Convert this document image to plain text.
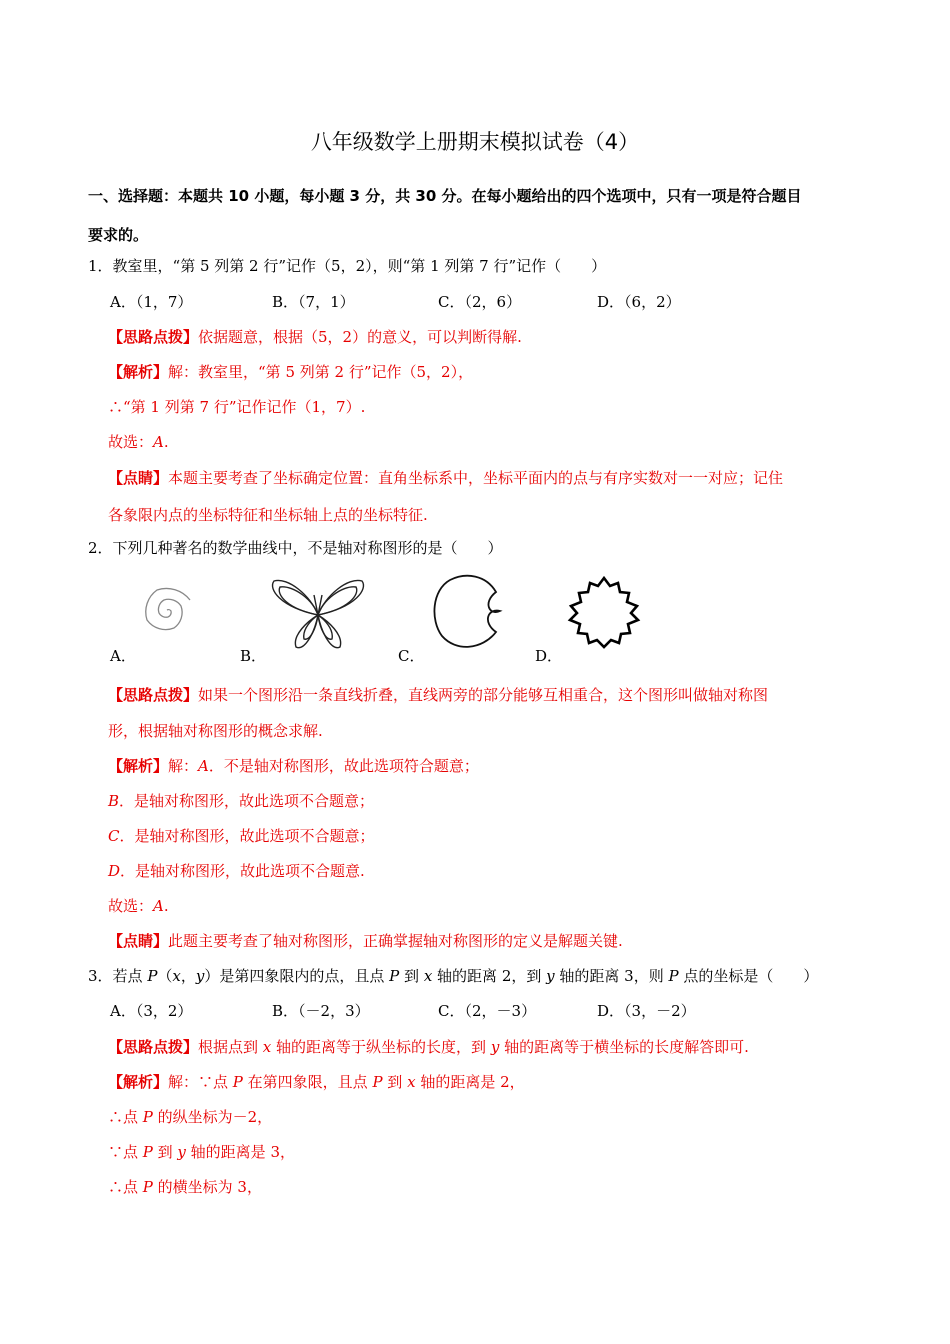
八年级数学上册期末模拟试卷（4）
一、选择题：本题共 10 小题，每小题 3 分，共 30 分。在每小题给出的四个选项中，只有一项是符合题目
要求的。
1．教室里，“第 5 列第 2 行”记作（5，2），则“第 1 列第 7 行”记作（　　）
A．（1，7）	B．（7，1）	C．（2，6）	D．（6，2）
【思路点拨】依据题意，根据（5，2）的意义，可以判断得解.
【解析】解：教室里，“第 5 列第 2 行”记作（5，2），
∴“第 1 列第 7 行”记作记作（1，7）.
故选：A.
【点睛】本题主要考查了坐标确定位置：直角坐标系中，坐标平面内的点与有序实数对一一对应；记住
各象限内点的坐标特征和坐标轴上点的坐标特征.
2．下列几种著名的数学曲线中，不是轴对称图形的是（　　）
A．	B．	C．	D．
【思路点拨】如果一个图形沿一条直线折叠，直线两旁的部分能够互相重合，这个图形叫做轴对称图
形，根据轴对称图形的概念求解.
【解析】解：A．不是轴对称图形，故此选项符合题意；
B．是轴对称图形，故此选项不合题意；
C．是轴对称图形，故此选项不合题意；
D．是轴对称图形，故此选项不合题意.
故选：A.
【点睛】此题主要考查了轴对称图形，正确掌握轴对称图形的定义是解题关键.
3．若点 P（x，y）是第四象限内的点，且点 P 到 x 轴的距离 2，到 y 轴的距离 3，则 P 点的坐标是（　　）
A．（3，2）	B．（－2，3）	C．（2，－3）	D．（3，－2）
【思路点拨】根据点到 x 轴的距离等于纵坐标的长度，到 y 轴的距离等于横坐标的长度解答即可.
【解析】解：∵点 P 在第四象限，且点 P 到 x 轴的距离是 2，
∴点 P 的纵坐标为－2，
∵点 P 到 y 轴的距离是 3，
∴点 P 的横坐标为 3，
